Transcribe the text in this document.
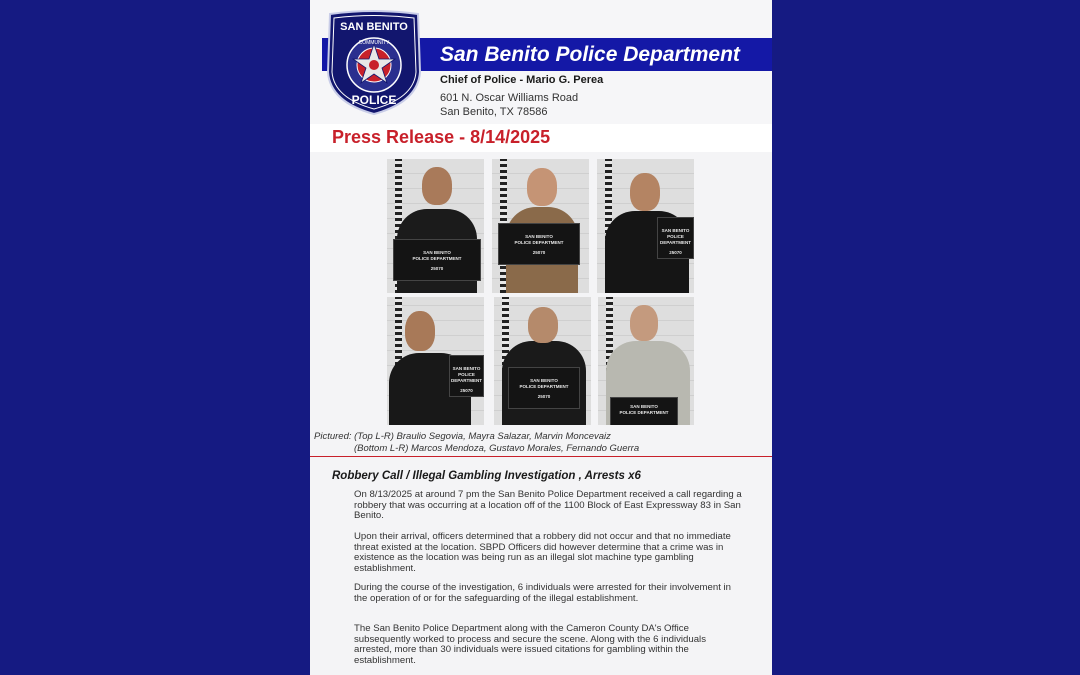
San Benito Police Department
SAN BENITO
COMMUNITY
POLICE
Chief of Police - Mario G. Perea
601 N. Oscar Williams Road
San Benito, TX 78586
Press Release - 8/14/2025
SAN BENITO
POLICE DEPARTMENT
25070
SAN BENITO
POLICE DEPARTMENT
25070
SAN BENITO
POLICE DEPARTMENT
25070
SAN BENITO
POLICE DEPARTMENT
25070
SAN BENITO
POLICE DEPARTMENT
25070
SAN BENITO
POLICE DEPARTMENT
Pictured: (Top L-R) Braulio Segovia, Mayra Salazar, Marvin Moncevaiz
(Bottom L-R) Marcos Mendoza, Gustavo Morales, Fernando Guerra
Robbery Call / Illegal Gambling Investigation , Arrests x6
On 8/13/2025 at around 7 pm the San Benito Police Department received a call regarding a robbery that was occurring at a location off of the 1100 Block of East Expressway 83 in San Benito.
Upon their arrival, officers determined that a robbery did not occur and that no immediate threat existed at the location. SBPD Officers did however determine that a crime was in existence as the location was being run as an illegal slot machine type gambling establishment.
During the course of the investigation, 6 individuals were arrested for their involvement in the operation of or for the safeguarding of the illegal establishment.
The San Benito Police Department along with the Cameron County DA's Office subsequently worked to process and secure the scene. Along with the 6 individuals arrested, more than 30 individuals were issued citations for gambling within the establishment.
